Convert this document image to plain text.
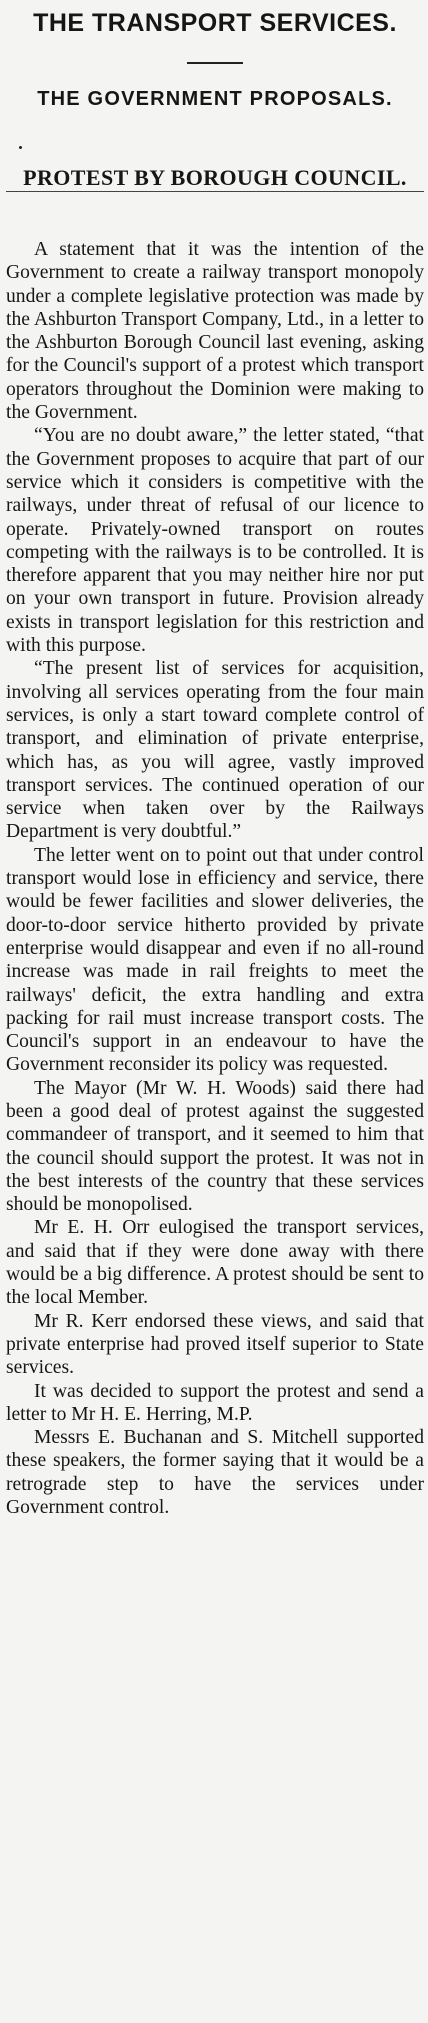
THE TRANSPORT SERVICES.
THE GOVERNMENT PROPOSALS.
PROTEST BY BOROUGH COUNCIL.

A statement that it was the intention of the Government to create a railway transport monopoly under a complete legislative protection was made by the Ashburton Transport Company, Ltd., in a letter to the Ashburton Borough Council last evening, asking for the Council's support of a protest which transport operators throughout the Dominion were making to the Government.

“You are no doubt aware,” the letter stated, “that the Government proposes to acquire that part of our service which it considers is competitive with the railways, under threat of refusal of our licence to operate. Privately-owned transport on routes competing with the railways is to be controlled. It is therefore apparent that you may neither hire nor put on your own transport in future. Provision already exists in transport legislation for this restriction and with this purpose.

“The present list of services for acquisition, involving all services operating from the four main services, is only a start toward complete control of transport, and elimination of private enterprise, which has, as you will agree, vastly improved transport services. The continued operation of our service when taken over by the Railways Department is very doubtful.”

The letter went on to point out that under control transport would lose in efficiency and service, there would be fewer facilities and slower deliveries, the door-to-door service hitherto provided by private enterprise would disappear and even if no all-round increase was made in rail freights to meet the railways' deficit, the extra handling and extra packing for rail must increase transport costs. The Council's support in an endeavour to have the Government reconsider its policy was requested.

The Mayor (Mr W. H. Woods) said there had been a good deal of protest against the suggested commandeer of transport, and it seemed to him that the council should support the protest. It was not in the best interests of the country that these services should be monopolised.

Mr E. H. Orr eulogised the transport services, and said that if they were done away with there would be a big difference. A protest should be sent to the local Member.

Mr R. Kerr endorsed these views, and said that private enterprise had proved itself superior to State services.

It was decided to support the protest and send a letter to Mr H. E. Herring, M.P.

Messrs E. Buchanan and S. Mitchell supported these speakers, the former saying that it would be a retrograde step to have the services under Government control.
